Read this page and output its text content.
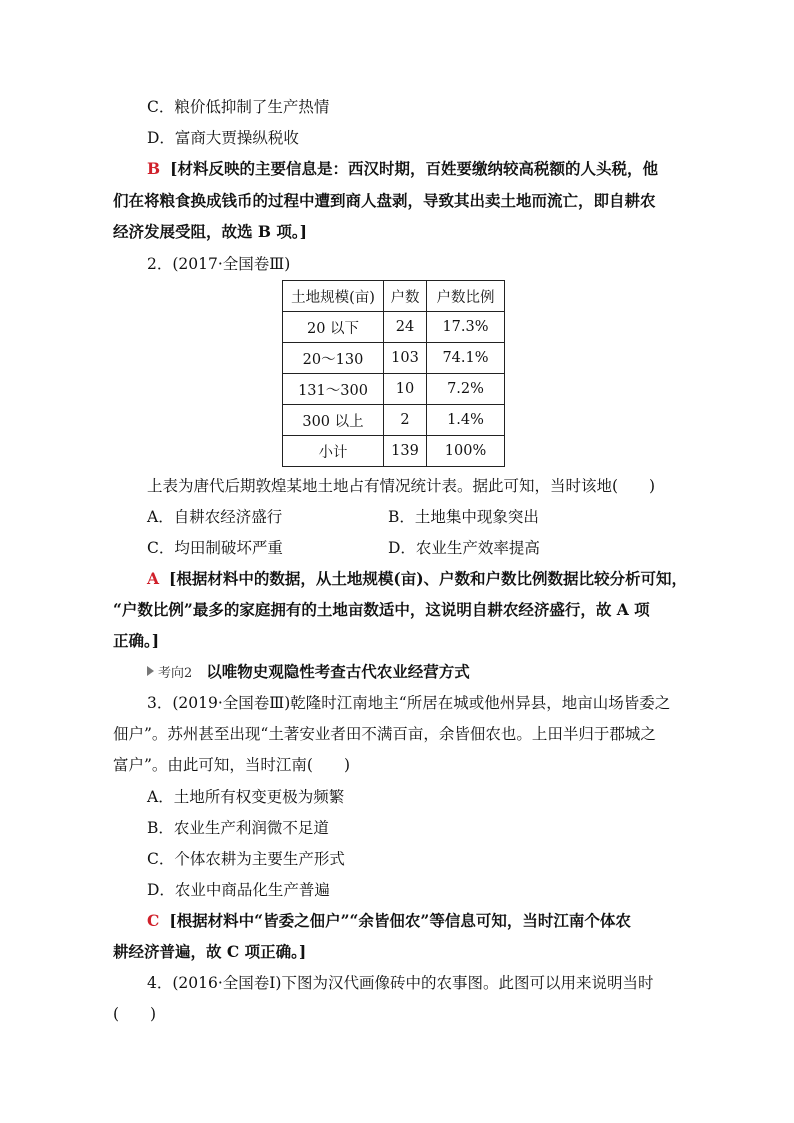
C．粮价低抑制了生产热情
D．富商大贾操纵税收
B [材料反映的主要信息是：西汉时期，百姓要缴纳较高税额的人头税，他
们在将粮食换成钱币的过程中遭到商人盘剥，导致其出卖土地而流亡，即自耕农
经济发展受阻，故选 B 项。]
2．(2017·全国卷Ⅲ)
土地规模(亩)	户数	户数比例
20 以下	24	17.3%
20～130	103	74.1%
131～300	10	7.2%
300 以上	2	1.4%
小计	139	100%
上表为唐代后期敦煌某地土地占有情况统计表。据此可知，当时该地(　　)
A．自耕农经济盛行	B．土地集中现象突出
C．均田制破坏严重	D．农业生产效率提高
A [根据材料中的数据，从土地规模(亩)、户数和户数比例数据比较分析可知，
“户数比例”最多的家庭拥有的土地亩数适中，这说明自耕农经济盛行，故 A 项
正确。]
考向2 以唯物史观隐性考查古代农业经营方式
3．(2019·全国卷Ⅲ)乾隆时江南地主“所居在城或他州异县，地亩山场皆委之
佃户”。苏州甚至出现“土著安业者田不满百亩，余皆佃农也。上田半归于郡城之
富户”。由此可知，当时江南(　　)
A．土地所有权变更极为频繁
B．农业生产利润微不足道
C．个体农耕为主要生产形式
D．农业中商品化生产普遍
C [根据材料中“皆委之佃户”“余皆佃农”等信息可知，当时江南个体农
耕经济普遍，故 C 项正确。]
4．(2016·全国卷Ⅰ)下图为汉代画像砖中的农事图。此图可以用来说明当时
(　　)
